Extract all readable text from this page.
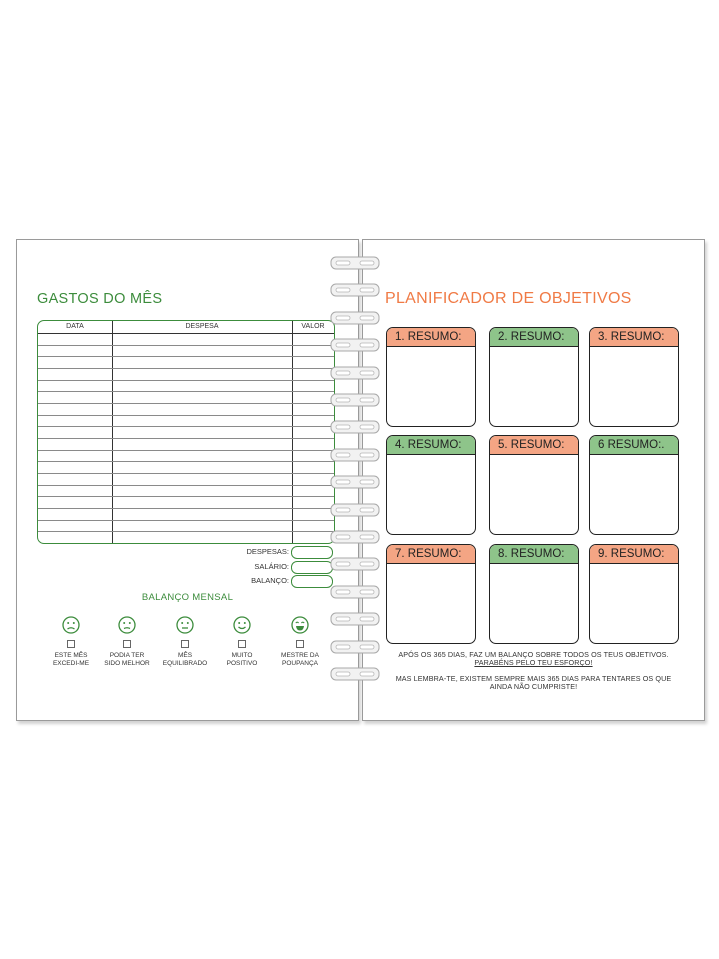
GASTOS DO MÊS
DATA	DESPESA	VALOR
DESPESAS:
SALÁRIO:
BALANÇO:
BALANÇO MENSAL
ESTE MÊS
EXCEDI-ME
PODIA TER
SIDO MELHOR
MÊS
EQUILIBRADO
MUITO
POSITIVO
MESTRE DA
POUPANÇA
PLANIFICADOR DE OBJETIVOS
1. RESUMO:	2. RESUMO:	3. RESUMO:
4. RESUMO:	5. RESUMO:	6 RESUMO:.
7. RESUMO:	8. RESUMO:	9. RESUMO:
APÓS OS 365 DIAS, FAZ UM BALANÇO SOBRE TODOS OS TEUS OBJETIVOS.
PARABÉNS PELO TEU ESFORÇO!
MAS LEMBRA-TE, EXISTEM SEMPRE MAIS 365 DIAS PARA TENTARES OS QUE
AINDA NÃO CUMPRISTE!
